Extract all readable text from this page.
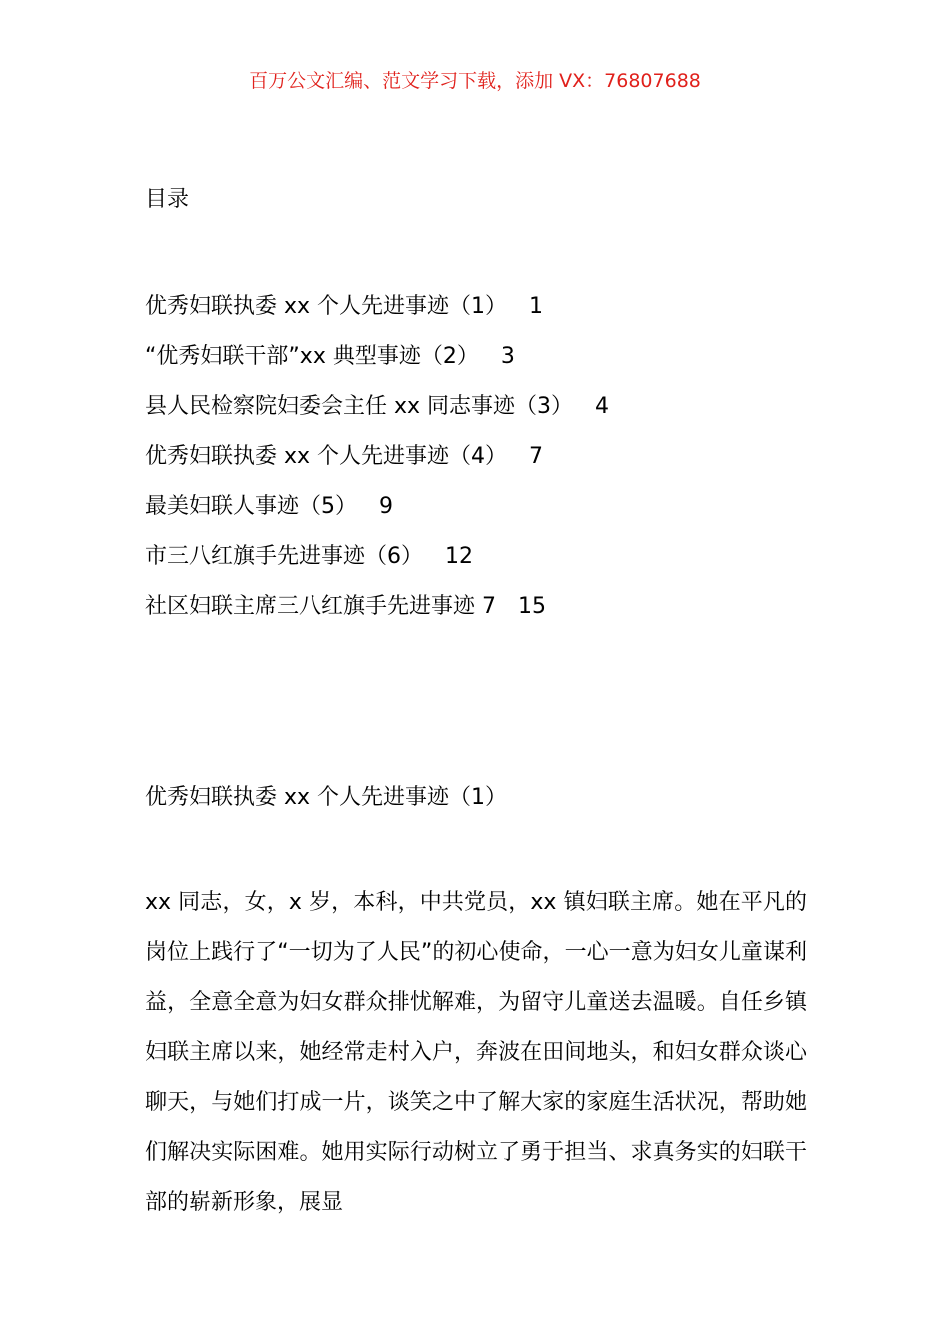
百万公文汇编、范文学习下载，添加 VX：76807688
目录
优秀妇联执委 xx 个人先进事迹（1） 1
“优秀妇联干部”xx 典型事迹（2） 3
县人民检察院妇委会主任 xx 同志事迹（3） 4
优秀妇联执委 xx 个人先进事迹（4） 7
最美妇联人事迹（5） 9
市三八红旗手先进事迹（6） 12
社区妇联主席三八红旗手先进事迹 7 15
优秀妇联执委 xx 个人先进事迹（1）

xx 同志，女，x 岁，本科，中共党员，xx 镇妇联主席。她在平凡的岗位上践行了“一切为了人民”的初心使命，一心一意为妇女儿童谋利益，全意全意为妇女群众排忧解难，为留守儿童送去温暖。自任乡镇妇联主席以来，她经常走村入户，奔波在田间地头，和妇女群众谈心聊天，与她们打成一片，谈笑之中了解大家的家庭生活状况，帮助她们解决实际困难。她用实际行动树立了勇于担当、求真务实的妇联干部的崭新形象，展显
